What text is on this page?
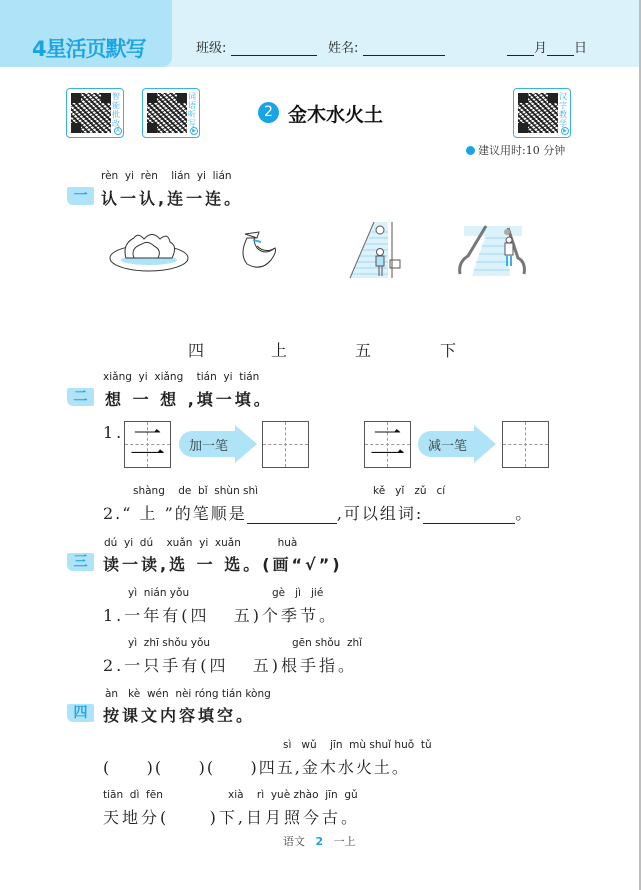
4星活页默写	班级:	姓名:	月 日
智能批改
A
词语听写
▶
汉字教学
▶
2 金木水火土
建议用时:10 分钟
rèn  yi  rèn    lián  yi  lián
一 认一认,连一连。
四	上	五	下
xiǎng  yi  xiǎng    tián  yi  tián
二	想 一 想 ,填一填。
1. 二	加一笔	二	减一笔
shàng    de  bǐ  shùn shì	kě   yǐ   zǔ   cí
2.“ 上 ”的笔顺是	,可以组词:	。
dú  yi  dú    xuǎn  yi  xuǎn           huà
三 读一读,选 一 选。(画“√”)
yì  nián yǒu	gè   jì   jié
1.一年有(四   五)个季节。
yì  zhī shǒu yǒu	gēn shǒu  zhǐ
2.一只手有(四   五)根手指。
àn   kè  wén  nèi róng tián kòng
四 按课文内容填空。
sì   wǔ    jīn  mù shuǐ huǒ  tǔ
(     )(     )(     )四五,金木水火土。
tiān  dì  fēn	xià    rì  yuè zhào  jīn  gǔ
天地分(     )下,日月照今古。
语文 2 一上
